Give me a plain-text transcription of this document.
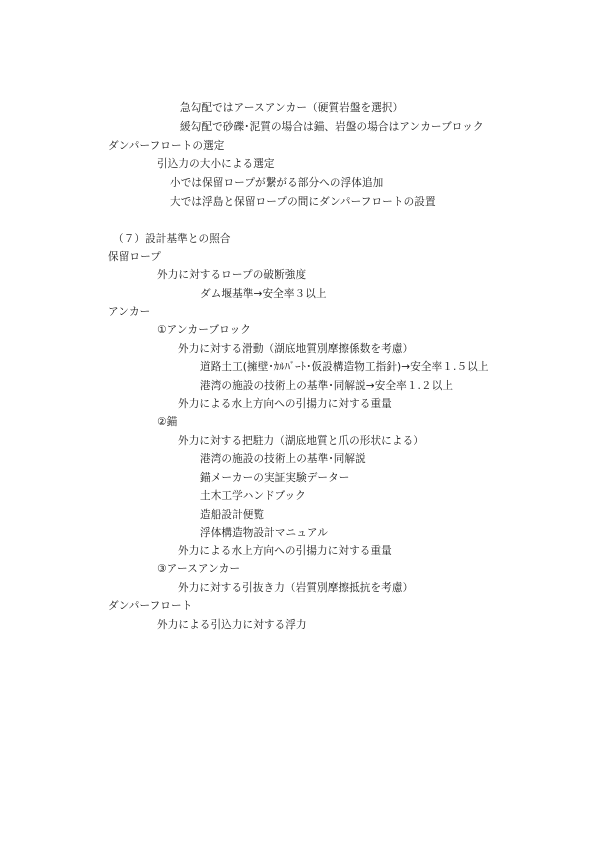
急勾配ではアースアンカー（硬質岩盤を選択）
緩勾配で砂礫･泥質の場合は錨、岩盤の場合はアンカーブロック
ダンパーフロートの選定
引込力の大小による選定
小では保留ロープが繋がる部分への浮体追加
大では浮島と保留ロープの間にダンパーフロートの設置
（７）設計基準との照合
保留ロープ
外力に対するロープの破断強度
ダム堰基準→安全率３以上
アンカー
①アンカーブロック
外力に対する滑動（湖底地質別摩擦係数を考慮）
道路土工(擁壁･ｶﾙﾊﾞｰﾄ･仮設構造物工指針)→安全率１.５以上
港湾の施設の技術上の基準･同解説→安全率１.２以上
外力による水上方向への引揚力に対する重量
②錨
外力に対する把駐力（湖底地質と爪の形状による）
港湾の施設の技術上の基準･同解説
錨メーカーの実証実験データー
土木工学ハンドブック
造船設計便覧
浮体構造物設計マニュアル
外力による水上方向への引揚力に対する重量
③アースアンカー
外力に対する引抜き力（岩質別摩擦抵抗を考慮）
ダンパーフロート
外力による引込力に対する浮力
